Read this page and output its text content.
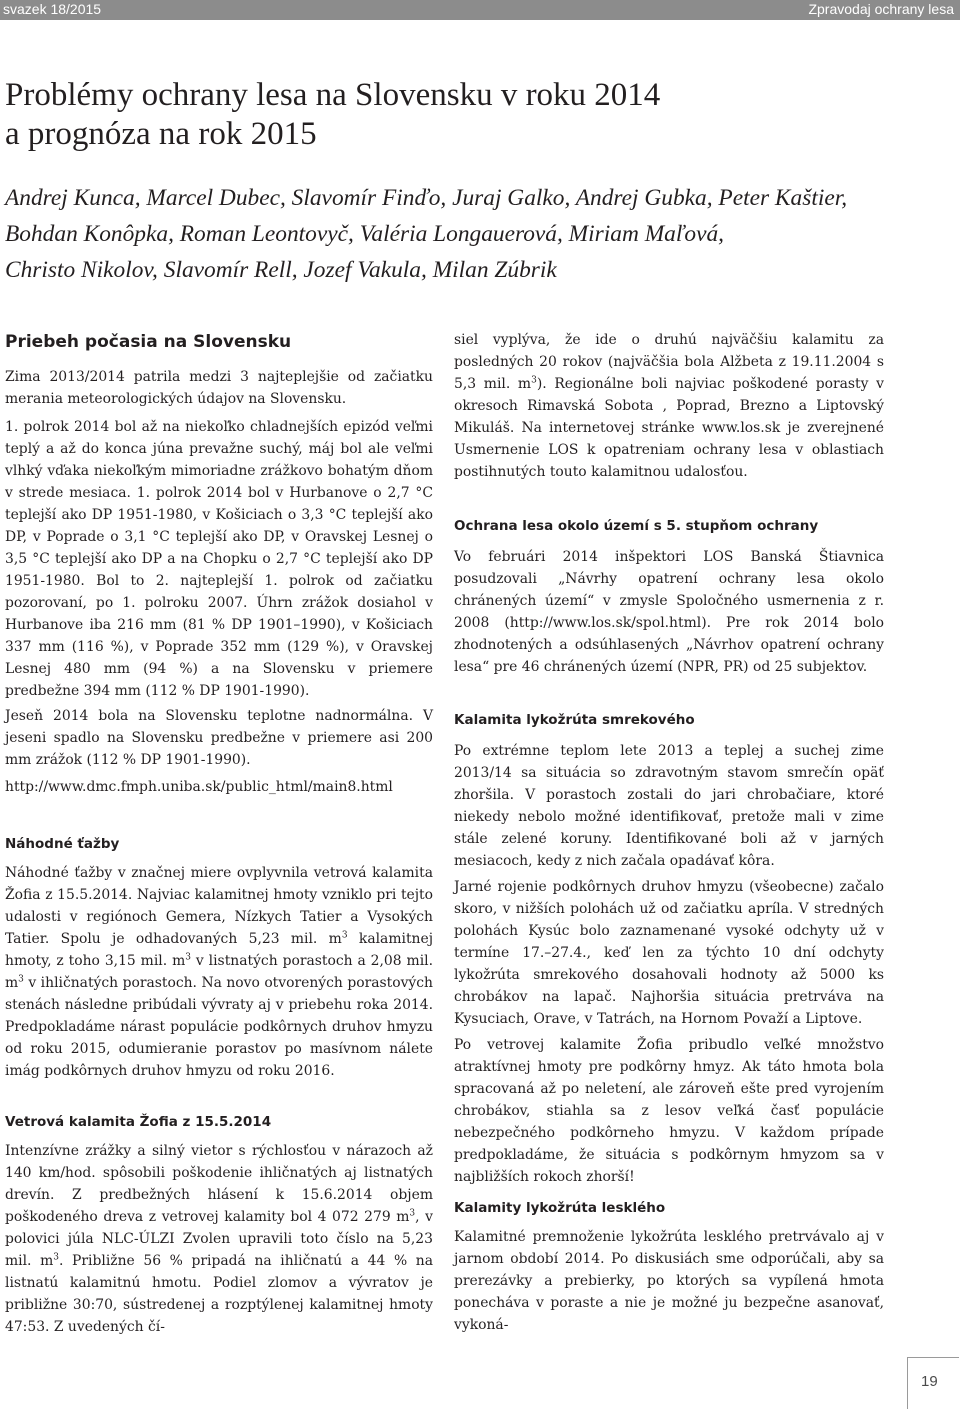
svazek 18/2015	Zpravodaj ochrany lesa
Problémy ochrany lesa na Slovensku v roku 2014
a prognóza na rok 2015

Andrej Kunca, Marcel Dubec, Slavomír Finďo, Juraj Galko, Andrej Gubka, Peter Kaštier,
Bohdan Konôpka, Roman Leontovyč, Valéria Longauerová, Miriam Maľová,
Christo Nikolov, Slavomír Rell, Jozef Vakula, Milan Zúbrik

Priebeh počasia na Slovensku

Zima 2013/2014 patrila medzi 3 najteplejšie od začiatku merania meteorologických údajov na Slovensku.

1. polrok 2014 bol až na niekoľko chladnejších epizód veľmi teplý a až do konca júna prevažne suchý, máj bol ale veľmi vlhký vďaka niekoľkým mimoriadne zrážkovo bohatým dňom v strede mesiaca. 1. polrok 2014 bol v Hurbanove o 2,7 °C teplejší ako DP 1951-1980, v Košiciach o 3,3 °C teplejší ako DP, v Poprade o 3,1 °C teplejší ako DP, v Oravskej Lesnej o 3,5 °C teplejší ako DP a na Chopku o 2,7 °C teplejší ako DP 1951-1980. Bol to 2. najteplejší 1. polrok od začiatku pozorovaní, po 1. polroku 2007. Úhrn zrážok dosiahol v Hurbanove iba 216 mm (81 % DP 1901–1990), v Košiciach 337 mm (116 %), v Poprade 352 mm (129 %), v Oravskej Lesnej 480 mm (94 %) a na Slovensku v priemere predbežne 394 mm (112 % DP 1901-1990).

Jeseň 2014 bola na Slovensku teplotne nadnormálna. V jeseni spadlo na Slovensku predbežne v priemere asi 200 mm zrážok (112 % DP 1901-1990).

http://www.dmc.fmph.uniba.sk/public_html/main8.html

Náhodné ťažby

Náhodné ťažby v značnej miere ovplyvnila vetrová kalamita Žofia z 15.5.2014. Najviac kalamitnej hmoty vzniklo pri tejto udalosti v regiónoch Gemera, Nízkych Tatier a Vysokých Tatier. Spolu je odhadovaných 5,23 mil. $m^3$ kalamitnej hmoty, z toho 3,15 mil. $m^3$ v listnatých porastoch a 2,08 mil. $m^3$ v ihličnatých porastoch. Na novo otvorených porastových stenách následne pribúdali vývraty aj v priebehu roka 2014. Predpokladáme nárast populácie podkôrnych druhov hmyzu od roku 2015, odumieranie porastov po masívnom nálete imág podkôrnych druhov hmyzu od roku 2016.

Vetrová kalamita Žofia z 15.5.2014

Intenzívne zrážky a silný vietor s rýchlosťou v nárazoch až 140 km/hod. spôsobili poškodenie ihličnatých aj listnatých drevín. Z predbežných hlásení k 15.6.2014 objem poškodeného dreva z vetrovej kalamity bol 4 072 279 $m^3$, v polovici júla NLC-ÚLZI Zvolen upravili toto číslo na 5,23 mil. $m^3$. Približne 56 % pripadá na ihličnatú a 44 % na listnatú kalamitnú hmotu. Podiel zlomov a vývratov je približne 30:70, sústredenej a rozptýlenej kalamitnej hmoty 47:53. Z uvedených čí-

siel vyplýva, že ide o druhú najväčšiu kalamitu za posledných 20 rokov (najväčšia bola Alžbeta z 19.11.2004 s 5,3 mil. $m^3$). Regionálne boli najviac poškodené porasty v okresoch Rimavská Sobota , Poprad, Brezno a Liptovský Mikuláš. Na internetovej stránke www.los.sk je zverejnené Usmernenie LOS k opatreniam ochrany lesa v oblastiach postihnutých touto kalamitnou udalosťou.

Ochrana lesa okolo území s 5. stupňom ochrany

Vo februári 2014 inšpektori LOS Banská Štiavnica posudzovali „Návrhy opatrení ochrany lesa okolo chránených území“ v zmysle Spoločného usmernenia z r. 2008 (http://www.los.sk/spol.html). Pre rok 2014 bolo zhodnotených a odsúhlasených „Návrhov opatrení ochrany lesa“ pre 46 chránených území (NPR, PR) od 25 subjektov.

Kalamita lykožrúta smrekového

Po extrémne teplom lete 2013 a teplej a suchej zime 2013/14 sa situácia so zdravotným stavom smrečín opäť zhoršila. V porastoch zostali do jari chrobačiare, ktoré niekedy nebolo možné identifikovať, pretože mali v zime stále zelené koruny. Identifikované boli až v jarných mesiacoch, kedy z nich začala opadávať kôra.

Jarné rojenie podkôrnych druhov hmyzu (všeobecne) začalo skoro, v nižších polohách už od začiatku apríla. V stredných polohách Kysúc bolo zaznamenané vysoké odchyty už v termíne 17.–27.4., keď len za týchto 10 dní odchyty lykožrúta smrekového dosahovali hodnoty až 5000 ks chrobákov na lapač. Najhoršia situácia pretrváva na Kysuciach, Orave, v Tatrách, na Hornom Považí a Liptove.

Po vetrovej kalamite Žofia pribudlo veľké množstvo atraktívnej hmoty pre podkôrny hmyz. Ak táto hmota bola spracovaná až po neletení, ale zároveň ešte pred vyrojením chrobákov, stiahla sa z lesov veľká časť populácie nebezpečného podkôrneho hmyzu. V každom prípade predpokladáme, že situácia s podkôrnym hmyzom sa v najbližších rokoch zhorší!

Kalamity lykožrúta lesklého

Kalamitné premnoženie lykožrúta lesklého pretrvávalo aj v jarnom období 2014. Po diskusiách sme odporúčali, aby sa prerezávky a prebierky, po ktorých sa vypílená hmota ponecháva v poraste a nie je možné ju bezpečne asanovať, vykoná-

19
